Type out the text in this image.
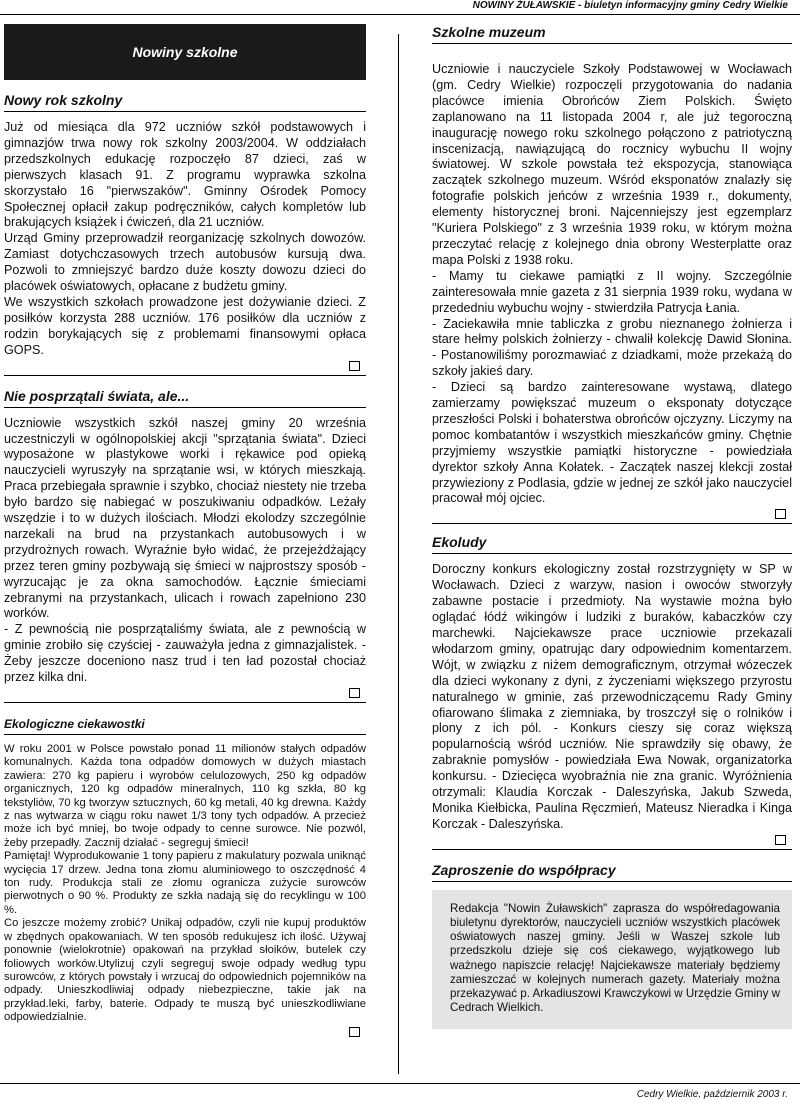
NOWINY ŻUŁAWSKIE - biuletyn informacyjny gminy Cedry Wielkie
Nowiny szkolne
Nowy rok szkolny

Już od miesiąca dla 972 uczniów szkół podstawowych i gimnazjów trwa nowy rok szkolny 2003/2004. W oddziałach przedszkolnych edukację rozpoczęło 87 dzieci, zaś w pierwszych klasach 91. Z programu wyprawka szkolna skorzystało 16 "pierwszaków". Gminny Ośrodek Pomocy Społecznej opłacił zakup podręczników, całych kompletów lub brakujących książek i ćwiczeń, dla 21 uczniów.

Urząd Gminy przeprowadził reorganizację szkolnych dowozów. Zamiast dotychczasowych trzech autobusów kursują dwa. Pozwoli to zmniejszyć bardzo duże koszty dowozu dzieci do placówek oświatowych, opłacane z budżetu gminy.

We wszystkich szkołach prowadzone jest dożywianie dzieci. Z posiłków korzysta 288 uczniów. 176 posiłków dla uczniów z rodzin borykających się z problemami finansowymi opłaca GOPS.

Nie posprzątali świata, ale...

Uczniowie wszystkich szkół naszej gminy 20 września uczestniczyli w ogólnopolskiej akcji "sprzątania świata". Dzieci wyposażone w plastykowe worki i rękawice pod opieką nauczycieli wyruszyły na sprzątanie wsi, w których mieszkają. Praca przebiegała sprawnie i szybko, chociaż niestety nie trzeba było bardzo się nabiegać w poszukiwaniu odpadków. Leżały wszędzie i to w dużych ilościach. Młodzi ekolodzy szczególnie narzekali na brud na przystankach autobusowych i w przydrożnych rowach. Wyraźnie było widać, że przejeżdżający przez teren gminy pozbywają się śmieci w najprostszy sposób - wyrzucając je za okna samochodów. Łącznie śmieciami zebranymi na przystankach, ulicach i rowach zapełniono 230 worków.

- Z pewnością nie posprzątaliśmy świata, ale z pewnością w gminie zrobiło się czyściej - zauważyła jedna z gimnazjalistek. - Żeby jeszcze doceniono nasz trud i ten ład pozostał chociaż przez kilka dni.

Ekologiczne ciekawostki

W roku 2001 w Polsce powstało ponad 11 milionów stałych odpadów komunalnych. Każda tona odpadów domowych w dużych miastach zawiera: 270 kg papieru i wyrobów celulozowych, 250 kg odpadów organicznych, 120 kg odpadów mineralnych, 110 kg szkła, 80 kg tekstyliów, 70 kg tworzyw sztucznych, 60 kg metali, 40 kg drewna. Każdy z nas wytwarza w ciągu roku nawet 1/3 tony tych odpadów. A przecież może ich być mniej, bo twoje odpady to cenne surowce. Nie pozwól, żeby przepadły. Zacznij działać - segreguj śmieci!

Pamiętaj! Wyprodukowanie 1 tony papieru z makulatury pozwala uniknąć wycięcia 17 drzew. Jedna tona złomu aluminiowego to oszczędność 4 ton rudy. Produkcja stali ze złomu ogranicza zużycie surowców pierwotnych o 90 %. Produkty ze szkła nadają się do recyklingu w 100 %.

Co jeszcze możemy zrobić? Unikaj odpadów, czyli nie kupuj produktów w zbędnych opakowaniach. W ten sposób redukujesz ich ilość. Używaj ponownie (wielokrotnie) opakowań na przykład słoików, butelek czy foliowych worków.Utylizuj czyli segreguj swoje odpady według typu surowców, z których powstały i wrzucaj do odpowiednich pojemników na odpady. Unieszkodliwiaj odpady niebezpieczne, takie jak na przykład.leki, farby, baterie. Odpady te muszą być unieszkodliwiane odpowiedzialnie.

Szkolne muzeum

Uczniowie i nauczyciele Szkoły Podstawowej w Wocławach (gm. Cedry Wielkie) rozpoczęli przygotowania do nadania placówce imienia Obrońców Ziem Polskich. Święto zaplanowano na 11 listopada 2004 r, ale już tegoroczną inaugurację nowego roku szkolnego połączono z patriotyczną inscenizacją, nawiązującą do rocznicy wybuchu II wojny światowej. W szkole powstała też ekspozycja, stanowiąca zaczątek szkolnego muzeum. Wśród eksponatów znalazły się fotografie polskich jeńców z września 1939 r., dokumenty, elementy historycznej broni. Najcenniejszy jest egzemplarz "Kuriera Polskiego" z 3 września 1939 roku, w którym można przeczytać relację z kolejnego dnia obrony Westerplatte oraz mapa Polski z 1938 roku.

- Mamy tu ciekawe pamiątki z II wojny. Szczególnie zainteresowała mnie gazeta z 31 sierpnia 1939 roku, wydana w przededniu wybuchu wojny - stwierdziła Patrycja Łania.

- Zaciekawiła mnie tabliczka z grobu nieznanego żołnierza i stare hełmy polskich żołnierzy - chwalił kolekcję Dawid Słonina. - Postanowiliśmy porozmawiać z dziadkami, może przekażą do szkoły jakieś dary.

- Dzieci są bardzo zainteresowane wystawą, dlatego zamierzamy powiększać muzeum o eksponaty dotyczące przeszłości Polski i bohaterstwa obrońców ojczyzny. Liczymy na pomoc kombatantów i wszystkich mieszkańców gminy. Chętnie przyjmiemy wszystkie pamiątki historyczne - powiedziała dyrektor szkoły Anna Kołatek. - Zaczątek naszej klekcji został przywieziony z Podlasia, gdzie w jednej ze szkół jako nauczyciel pracował mój ojciec.

Ekoludy

Doroczny konkurs ekologiczny został rozstrzygnięty w SP w Wocławach. Dzieci z warzyw, nasion i owoców stworzyły zabawne postacie i przedmioty. Na wystawie można było oglądać łódź wikingów i ludziki z buraków, kabaczków czy marchewki. Najciekawsze prace uczniowie przekazali włodarzom gminy, opatrując dary odpowiednim komentarzem. Wójt, w związku z niżem demograficznym, otrzymał wózeczek dla dzieci wykonany z dyni, z życzeniami większego przyrostu naturalnego w gminie, zaś przewodniczącemu Rady Gminy ofiarowano ślimaka z ziemniaka, by troszczył się o rolników i plony z ich pól. - Konkurs cieszy się coraz większą popularnością wśród uczniów. Nie sprawdziły się obawy, że zabraknie pomysłów - powiedziała Ewa Nowak, organizatorka konkursu. - Dziecięca wyobraźnia nie zna granic. Wyróżnienia otrzymali: Klaudia Korczak - Daleszyńska, Jakub Szweda, Monika Kiełbicka, Paulina Ręczmień, Mateusz Nieradka i Kinga Korczak - Daleszyńska.

Zaproszenie do współpracy

Redakcja "Nowin Żuławskich" zaprasza do współredagowania biuletynu dyrektorów, nauczycieli uczniów wszystkich placówek oświatowych naszej gminy. Jeśli w Waszej szkole lub przedszkolu dzieje się coś ciekawego, wyjątkowego lub ważnego napiszcie relację! Najciekawsze materiały będziemy zamieszczać w kolejnych numerach gazety. Materiały można przekazywać p. Arkadiuszowi Krawczykowi w Urzędzie Gminy w Cedrach Wielkich.

Cedry Wielkie, październik 2003 r.
